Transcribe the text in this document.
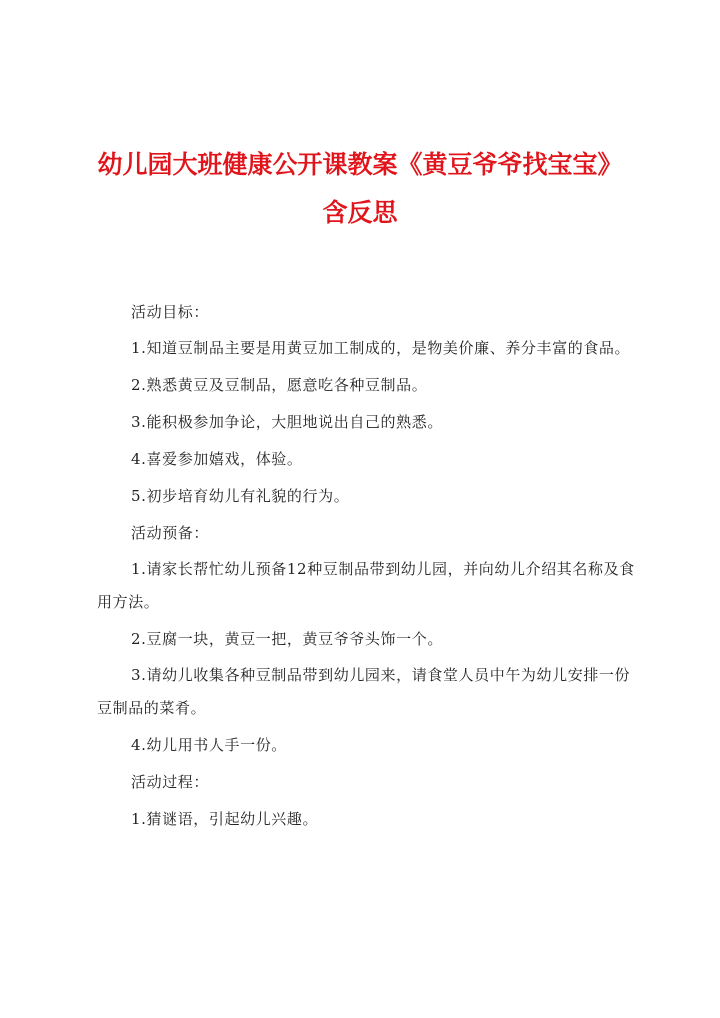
幼儿园大班健康公开课教案《黄豆爷爷找宝宝》
含反思

活动目标：

1.知道豆制品主要是用黄豆加工制成的，是物美价廉、养分丰富的食品。

2.熟悉黄豆及豆制品，愿意吃各种豆制品。

3.能积极参加争论，大胆地说出自己的熟悉。

4.喜爱参加嬉戏，体验。

5.初步培育幼儿有礼貌的行为。

活动预备：

1.请家长帮忙幼儿预备12种豆制品带到幼儿园，并向幼儿介绍其名称及食用方法。

2.豆腐一块，黄豆一把，黄豆爷爷头饰一个。

3.请幼儿收集各种豆制品带到幼儿园来，请食堂人员中午为幼儿安排一份豆制品的菜肴。

4.幼儿用书人手一份。

活动过程：

1.猜谜语，引起幼儿兴趣。
